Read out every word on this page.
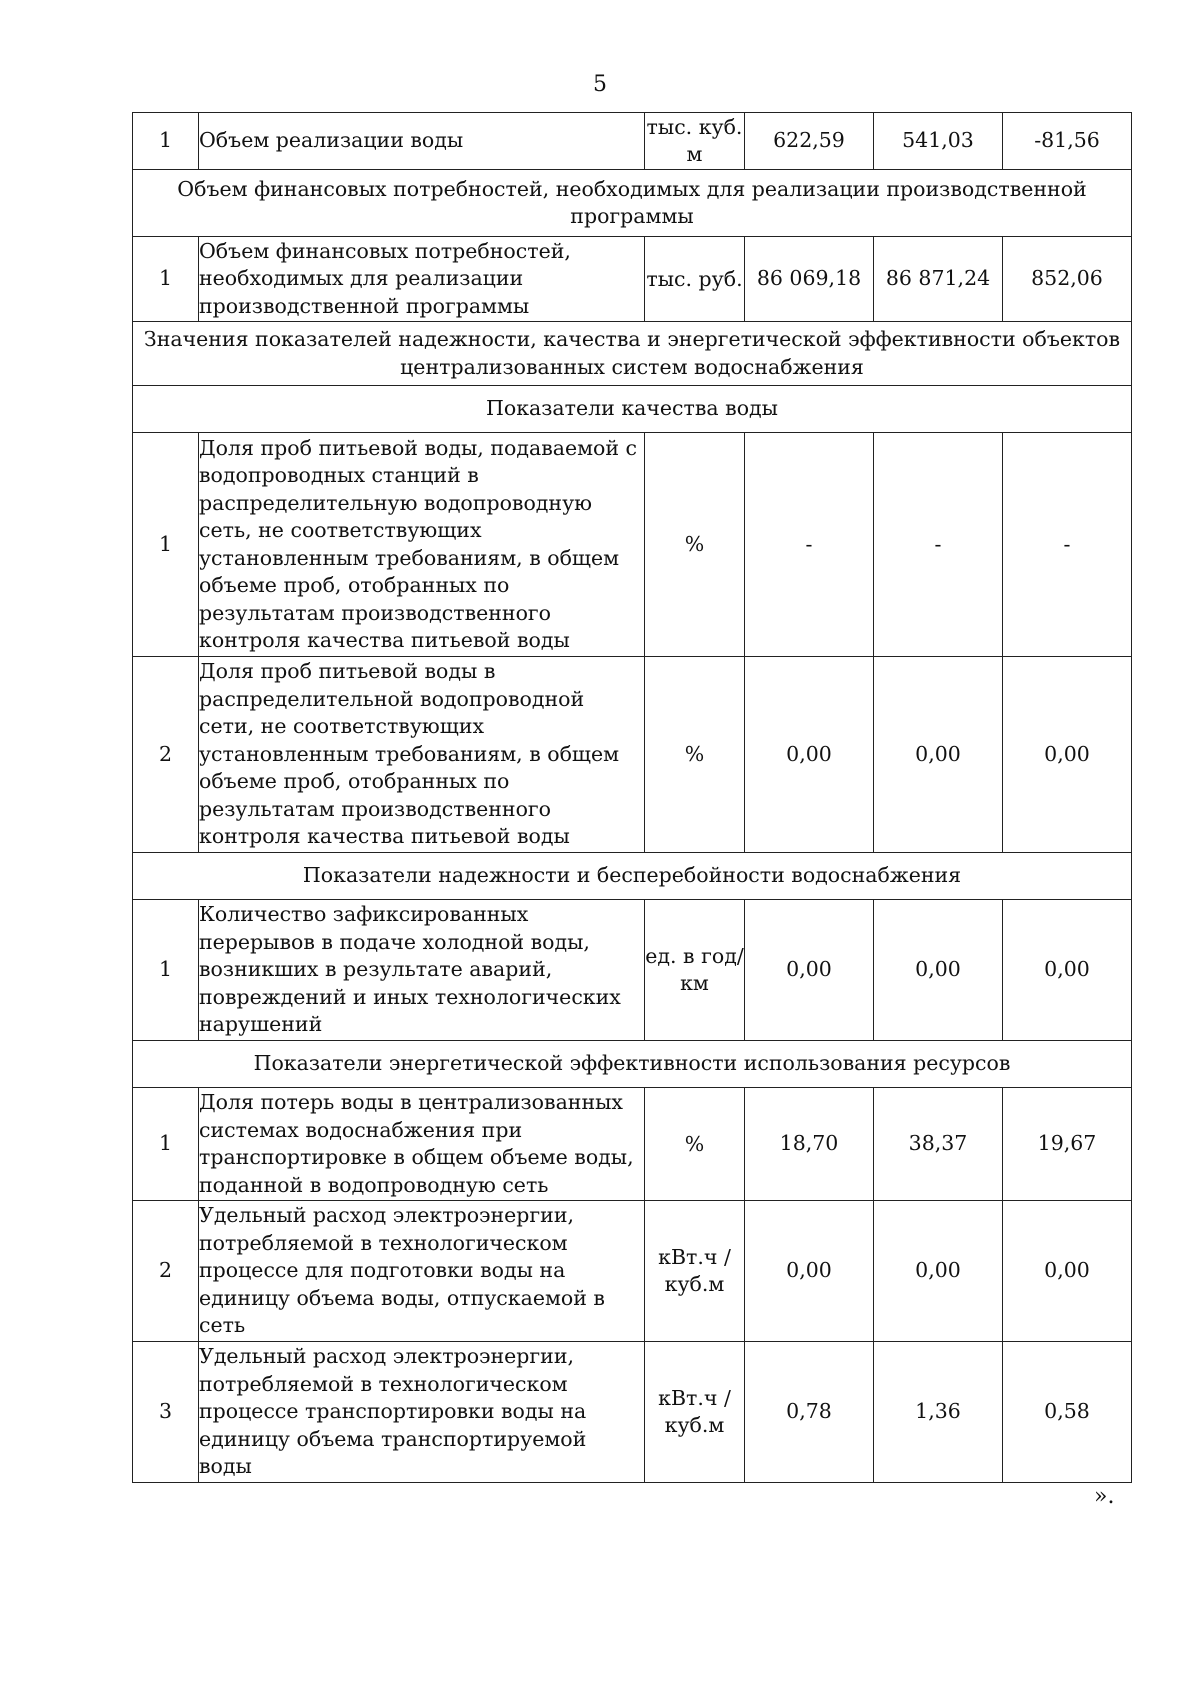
5
1	Объем реализации воды	тыс. куб. м	622,59	541,03	-81,56
Объем финансовых потребностей, необходимых для реализации производственной программы					
1	Объем финансовых потребностей, необходимых для реализации производственной программы	тыс. руб.	86 069,18	86 871,24	852,06
Значения показателей надежности, качества и энергетической эффективности объектов централизованных систем водоснабжения					
Показатели качества воды					
1	Доля проб питьевой воды, подаваемой с водопроводных станций в распределительную водопроводную сеть, не соответствующих установленным требованиям, в общем объеме проб, отобранных по результатам производственного контроля качества питьевой воды	%	-	-	-
2	Доля проб питьевой воды в распределительной водопроводной сети, не соответствующих установленным требованиям, в общем объеме проб, отобранных по результатам производственного контроля качества питьевой воды	%	0,00	0,00	0,00
Показатели надежности и бесперебойности водоснабжения					
1	Количество зафиксированных перерывов в подаче холодной воды, возникших в результате аварий, повреждений и иных технологических нарушений	ед. в год/ км	0,00	0,00	0,00
Показатели энергетической эффективности использования ресурсов					
1	Доля потерь воды в централизованных системах водоснабжения при транспортировке в общем объеме воды, поданной в водопроводную сеть	%	18,70	38,37	19,67
2	Удельный расход электроэнергии, потребляемой в технологическом процессе для подготовки воды на единицу объема воды, отпускаемой в сеть	кВт.ч / куб.м	0,00	0,00	0,00
3	Удельный расход электроэнергии, потребляемой в технологическом процессе транспортировки воды на единицу объема транспортируемой воды	кВт.ч / куб.м	0,78	1,36	0,58
».
